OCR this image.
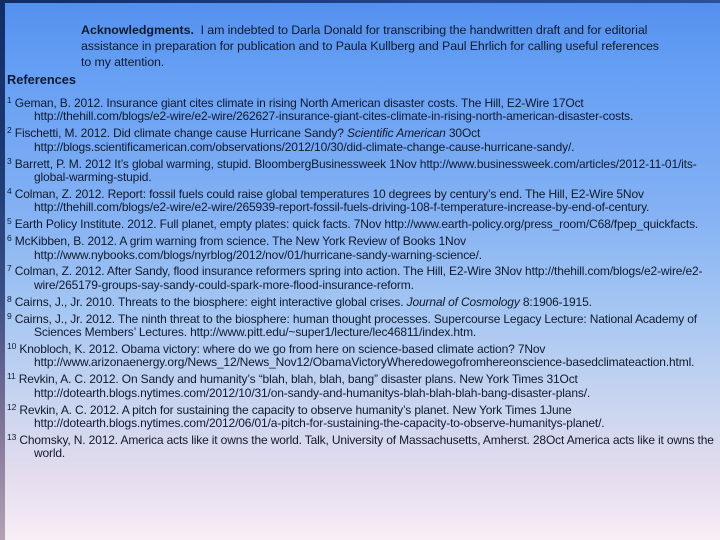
Acknowledgments.  I am indebted to Darla Donald for transcribing the handwritten draft and for editorial assistance in preparation for publication and to Paula Kullberg and Paul Ehrlich for calling useful references to my attention.

References
$^1$ Geman, B. 2012. Insurance giant cites climate in rising North American disaster costs. The Hill, E2-Wire 17Oct http://thehill.com/blogs/e2-wire/e2-wire/262627-insurance-giant-cites-climate-in-rising-north-american-disaster-costs.
$^2$ Fischetti, M. 2012. Did climate change cause Hurricane Sandy? Scientific American 30Oct http://blogs.scientificamerican.com/observations/2012/10/30/did-climate-change-cause-hurricane-sandy/.
$^3$ Barrett, P. M. 2012 It’s global warming, stupid. BloombergBusinessweek 1Nov http://www.businessweek.com/articles/2012-11-01/its-global-warming-stupid.
$^4$ Colman, Z. 2012. Report: fossil fuels could raise global temperatures 10 degrees by century’s end. The Hill, E2-Wire 5Nov http://thehill.com/blogs/e2-wire/e2-wire/265939-report-fossil-fuels-driving-108-f-temperature-increase-by-end-of-century.
$^5$ Earth Policy Institute. 2012. Full planet, empty plates: quick facts. 7Nov http://www.earth-policy.org/press_room/C68/fpep_quickfacts.
$^6$ McKibben, B. 2012. A grim warning from science. The New York Review of Books 1Nov http://www.nybooks.com/blogs/nyrblog/2012/nov/01/hurricane-sandy-warning-science/.
$^7$ Colman, Z. 2012. After Sandy, flood insurance reformers spring into action. The Hill, E2-Wire 3Nov http://thehill.com/blogs/e2-wire/e2-wire/265179-groups-say-sandy-could-spark-more-flood-insurance-reform.
$^8$ Cairns, J., Jr. 2010. Threats to the biosphere: eight interactive global crises. Journal of Cosmology 8:1906-1915.
$^9$ Cairns, J., Jr. 2012. The ninth threat to the biosphere: human thought processes. Supercourse Legacy Lecture: National Academy of Sciences Members’ Lectures. http://www.pitt.edu/~super1/lecture/lec46811/index.htm.
$^{10}$ Knobloch, K. 2012. Obama victory: where do we go from here on science-based climate action? 7Nov http://www.arizonaenergy.org/News_12/News_Nov12/ObamaVictoryWheredowegofromhereonscience-basedclimateaction.html.
$^{11}$ Revkin, A. C. 2012. On Sandy and humanity’s “blah, blah, blah, bang” disaster plans. New York Times 31Oct http://dotearth.blogs.nytimes.com/2012/10/31/on-sandy-and-humanitys-blah-blah-blah-bang-disaster-plans/.
$^{12}$ Revkin, A. C. 2012. A pitch for sustaining the capacity to observe humanity’s planet. New York Times 1June http://dotearth.blogs.nytimes.com/2012/06/01/a-pitch-for-sustaining-the-capacity-to-observe-humanitys-planet/.
$^{13}$ Chomsky, N. 2012. America acts like it owns the world. Talk, University of Massachusetts, Amherst. 28Oct America acts like it owns the world.
